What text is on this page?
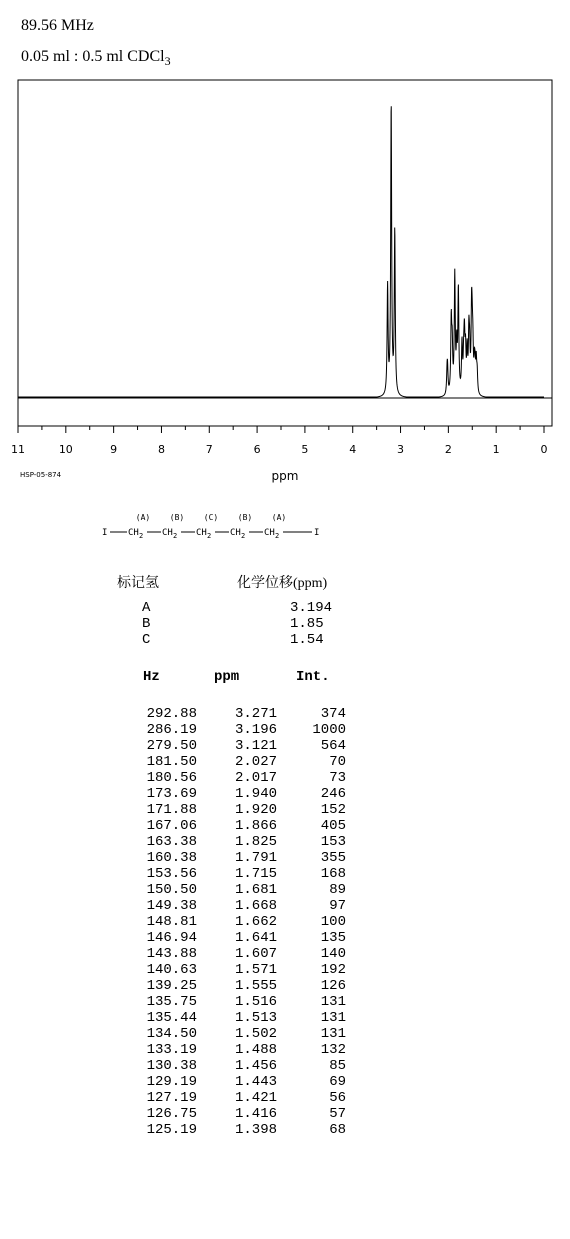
89.56 MHz
0.05 ml : 0.5 ml CDCl$_3$
11	10	9	8	7	6	5	4	3	2	1	0
ppm
HSP-05-874
I
(A)
CH 2
(B)
CH 2
(C)
CH 2
(B)
CH 2
(A)
CH 2	I
标记氢	化学位移(ppm)
A	3.194
B	1.85
C	1.54
Hz	ppm	Int.
292.88	3.271	374
286.19	3.196	1000
279.50	3.121	564
181.50	2.027	70
180.56	2.017	73
173.69	1.940	246
171.88	1.920	152
167.06	1.866	405
163.38	1.825	153
160.38	1.791	355
153.56	1.715	168
150.50	1.681	89
149.38	1.668	97
148.81	1.662	100
146.94	1.641	135
143.88	1.607	140
140.63	1.571	192
139.25	1.555	126
135.75	1.516	131
135.44	1.513	131
134.50	1.502	131
133.19	1.488	132
130.38	1.456	85
129.19	1.443	69
127.19	1.421	56
126.75	1.416	57
125.19	1.398	68
